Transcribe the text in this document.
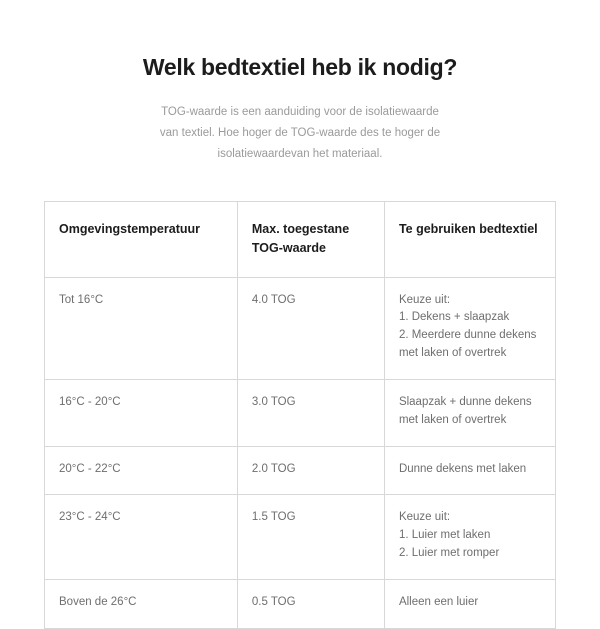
Welk bedtextiel heb ik nodig?

TOG-waarde is een aanduiding voor de isolatiewaarde

van textiel. Hoe hoger de TOG-waarde des te hoger de

isolatiewaardevan het materiaal.

Omgevingstemperatuur	Max. toegestane TOG-waarde	Te gebruiken bedtextiel
Tot 16°C	4.0 TOG	Keuze uit:
1. Dekens + slaapzak
2. Meerdere dunne dekens
met laken of overtrek

16°C - 20°C	3.0 TOG	Slaapzak + dunne dekens
met laken of overtrek

20°C - 22°C	2.0 TOG	Dunne dekens met laken

23°C - 24°C	1.5 TOG	Keuze uit:
1. Luier met laken
2. Luier met romper

Boven de 26°C	0.5 TOG	Alleen een luier
